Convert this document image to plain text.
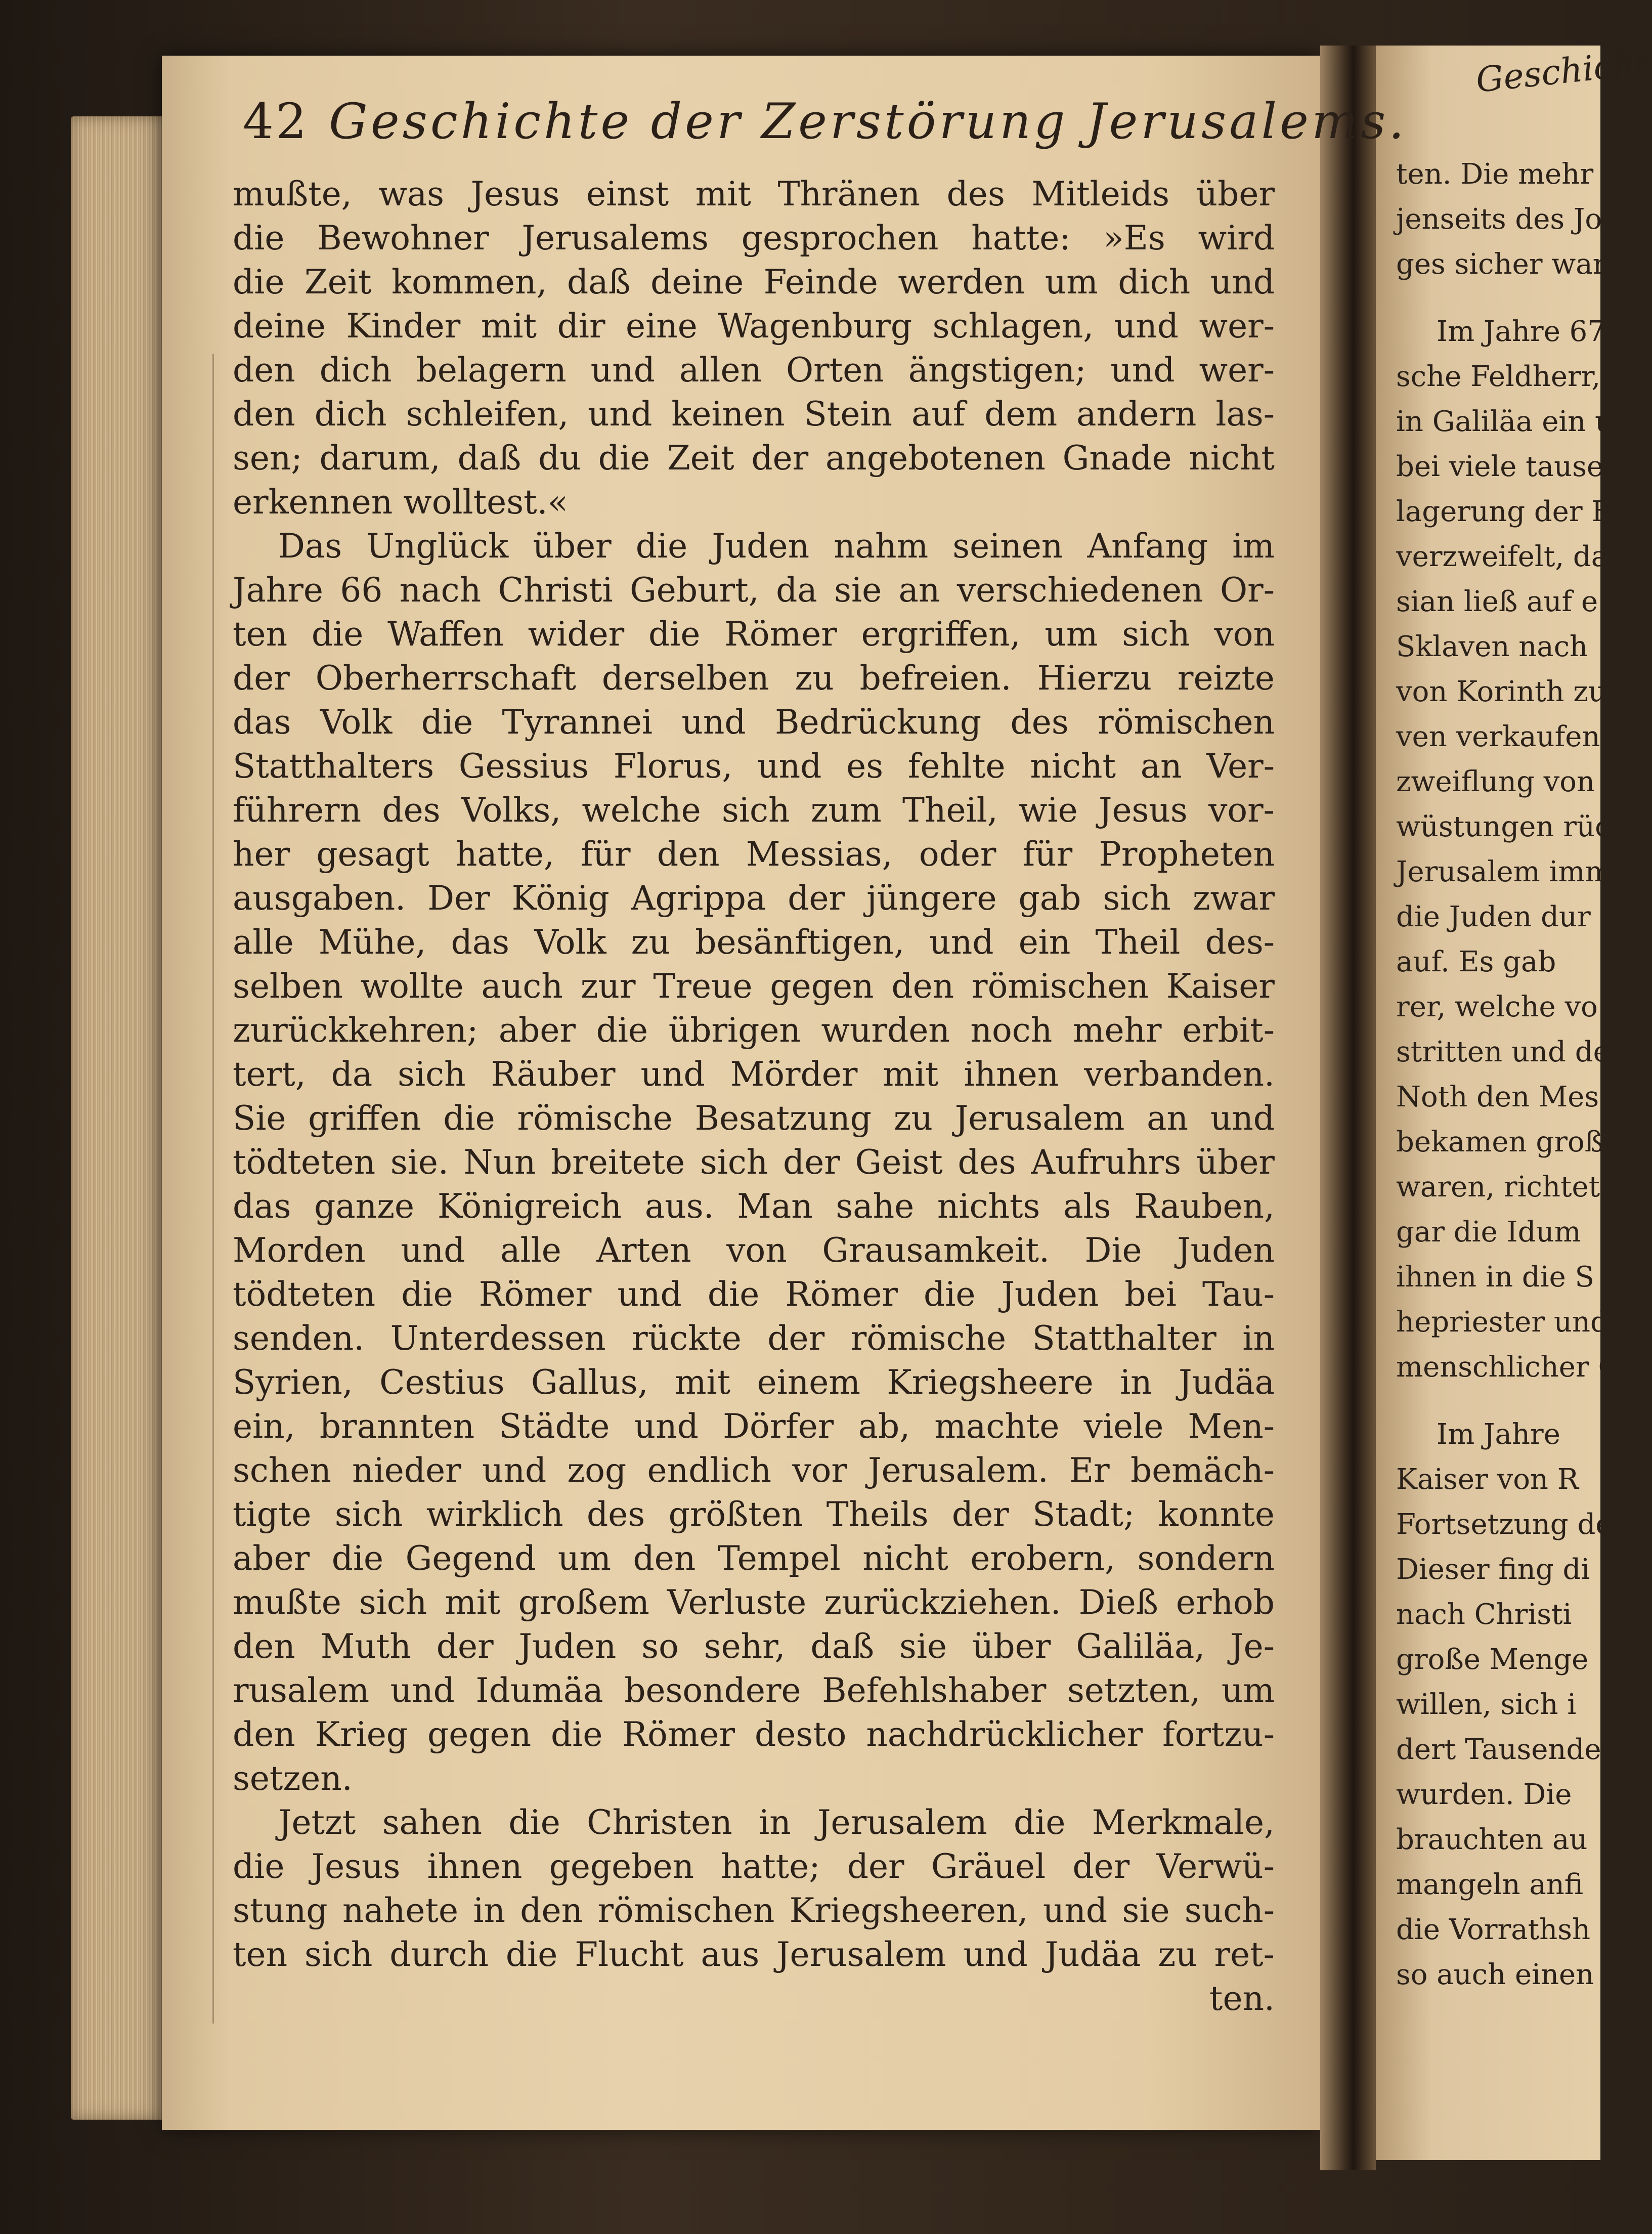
42 Geschichte der Zerstörung Jerusalems.
mußte, was Jesus einst mit Thränen des Mitleids über
die Bewohner Jerusalems gesprochen hatte: »Es wird
die Zeit kommen, daß deine Feinde werden um dich und
deine Kinder mit dir eine Wagenburg schlagen, und wer-
den dich belagern und allen Orten ängstigen; und wer-
den dich schleifen, und keinen Stein auf dem andern las-
sen; darum, daß du die Zeit der angebotenen Gnade nicht
erkennen wolltest.«
Das Unglück über die Juden nahm seinen Anfang im
Jahre 66 nach Christi Geburt, da sie an verschiedenen Or-
ten die Waffen wider die Römer ergriffen, um sich von
der Oberherrschaft derselben zu befreien. Hierzu reizte
das Volk die Tyrannei und Bedrückung des römischen
Statthalters Gessius Florus, und es fehlte nicht an Ver-
führern des Volks, welche sich zum Theil, wie Jesus vor-
her gesagt hatte, für den Messias, oder für Propheten
ausgaben. Der König Agrippa der jüngere gab sich zwar
alle Mühe, das Volk zu besänftigen, und ein Theil des-
selben wollte auch zur Treue gegen den römischen Kaiser
zurückkehren; aber die übrigen wurden noch mehr erbit-
tert, da sich Räuber und Mörder mit ihnen verbanden.
Sie griffen die römische Besatzung zu Jerusalem an und
tödteten sie. Nun breitete sich der Geist des Aufruhrs über
das ganze Königreich aus. Man sahe nichts als Rauben,
Morden und alle Arten von Grausamkeit. Die Juden
tödteten die Römer und die Römer die Juden bei Tau-
senden. Unterdessen rückte der römische Statthalter in
Syrien, Cestius Gallus, mit einem Kriegsheere in Judäa
ein, brannten Städte und Dörfer ab, machte viele Men-
schen nieder und zog endlich vor Jerusalem. Er bemäch-
tigte sich wirklich des größten Theils der Stadt; konnte
aber die Gegend um den Tempel nicht erobern, sondern
mußte sich mit großem Verluste zurückziehen. Dieß erhob
den Muth der Juden so sehr, daß sie über Galiläa, Je-
rusalem und Idumäa besondere Befehlshaber setzten, um
den Krieg gegen die Römer desto nachdrücklicher fortzu-
setzen.
Jetzt sahen die Christen in Jerusalem die Merkmale,
die Jesus ihnen gegeben hatte; der Gräuel der Verwü-
stung nahete in den römischen Kriegsheeren, und sie such-
ten sich durch die Flucht aus Jerusalem und Judäa zu ret-
ten.
Geschicht
ten. Die mehr
jenseits des Jord
ges sicher waren.
Im Jahre 67
sche Feldherr, V
in Galiläa ein u
bei viele tausend
lagerung der Fe
verzweifelt, daß
sian ließ auf e
Sklaven nach
von Korinth zu
ven verkaufen;
zweiflung von
wüstungen rückt
Jerusalem imme
die Juden dur
auf. Es gab
rer, welche vo
stritten und de
Noth den Mes
bekamen großen
waren, richtete
gar die Idum
ihnen in die S
hepriester und
menschlicher G
Im Jahre
Kaiser von R
Fortsetzung de
Dieser fing di
nach Christi
große Menge
willen, sich i
dert Tausende
wurden. Die
brauchten au
mangeln anfi
die Vorrathsh
so auch einen g
